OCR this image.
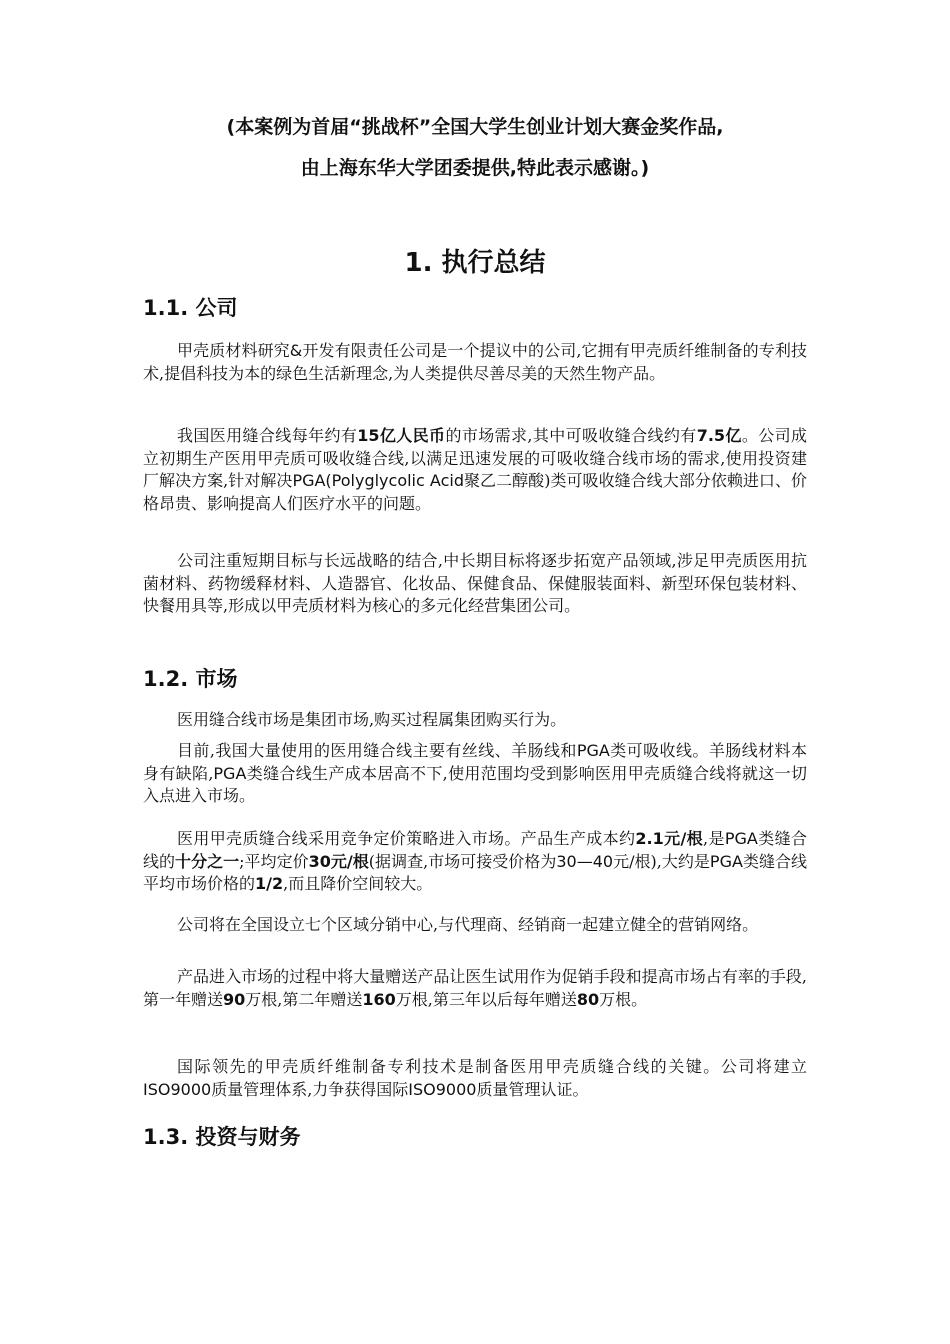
(本案例为首届“挑战杯”全国大学生创业计划大赛金奖作品,
由上海东华大学团委提供,特此表示感谢。)
1. 执行总结
1.1. 公司

甲壳质材料研究&开发有限责任公司是一个提议中的公司,它拥有甲壳质纤维制备的专利技术,提倡科技为本的绿色生活新理念,为人类提供尽善尽美的天然生物产品。

我国医用缝合线每年约有15亿人民币的市场需求,其中可吸收缝合线约有7.5亿。公司成立初期生产医用甲壳质可吸收缝合线,以满足迅速发展的可吸收缝合线市场的需求,使用投资建厂解决方案,针对解决PGA(Polyglycolic Acid聚乙二醇酸)类可吸收缝合线大部分依赖进口、价格昂贵、影响提高人们医疗水平的问题。

公司注重短期目标与长远战略的结合,中长期目标将逐步拓宽产品领域,涉足甲壳质医用抗菌材料、药物缓释材料、人造器官、化妆品、保健食品、保健服装面料、新型环保包装材料、快餐用具等,形成以甲壳质材料为核心的多元化经营集团公司。

1.2. 市场

医用缝合线市场是集团市场,购买过程属集团购买行为。

目前,我国大量使用的医用缝合线主要有丝线、羊肠线和PGA类可吸收线。羊肠线材料本身有缺陷,PGA类缝合线生产成本居高不下,使用范围均受到影响医用甲壳质缝合线将就这一切入点进入市场。

医用甲壳质缝合线采用竞争定价策略进入市场。产品生产成本约2.1元/根,是PGA类缝合线的十分之一;平均定价30元/根(据调查,市场可接受价格为30—40元/根),大约是PGA类缝合线平均市场价格的1/2,而且降价空间较大。

公司将在全国设立七个区域分销中心,与代理商、经销商一起建立健全的营销网络。

产品进入市场的过程中将大量赠送产品让医生试用作为促销手段和提高市场占有率的手段,第一年赠送90万根,第二年赠送160万根,第三年以后每年赠送80万根。

国际领先的甲壳质纤维制备专利技术是制备医用甲壳质缝合线的关键。公司将建立ISO9000质量管理体系,力争获得国际ISO9000质量管理认证。

1.3. 投资与财务
